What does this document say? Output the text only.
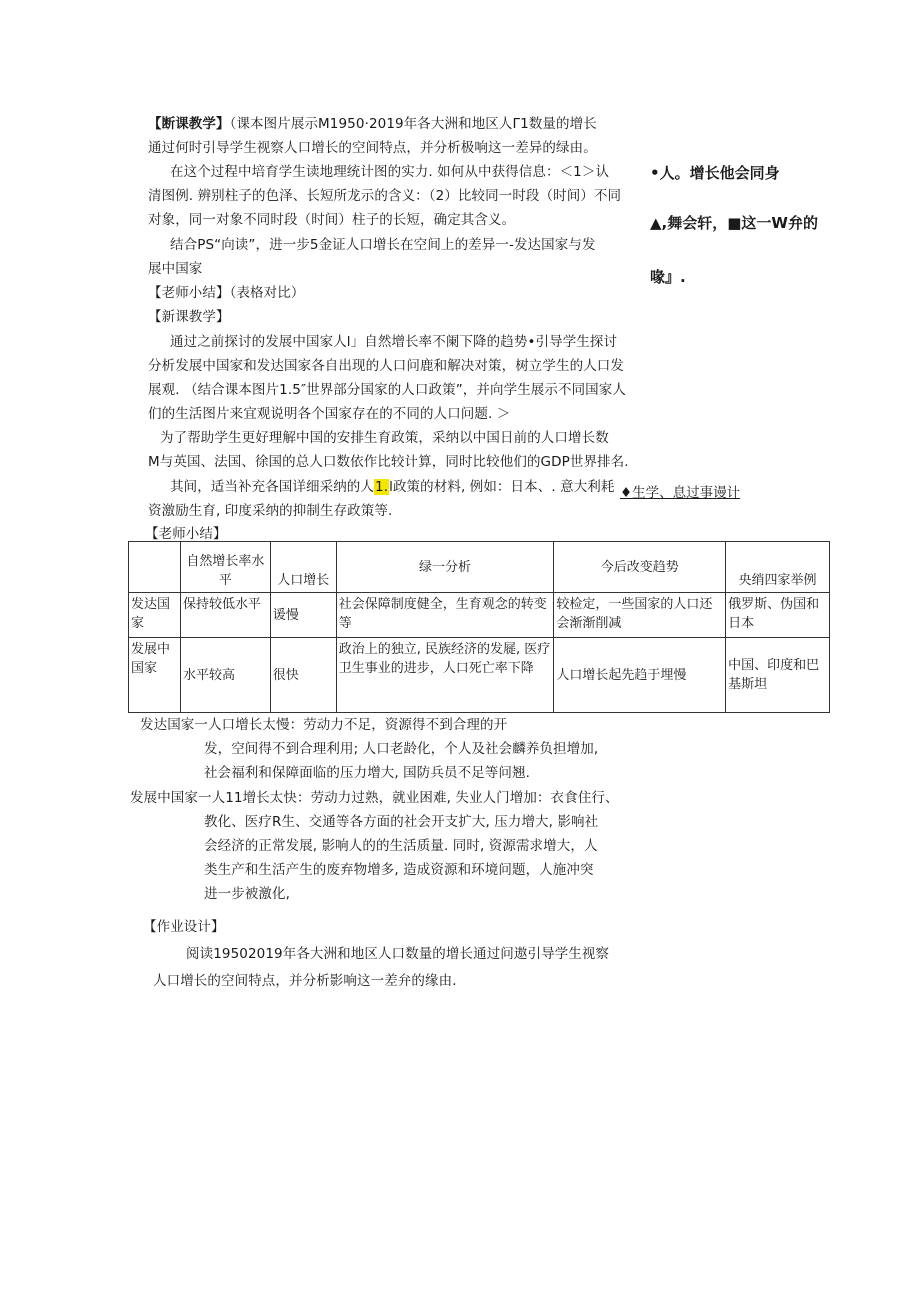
【断课教学】（课本图片展示M1950·2019年各大洲和地区人Γ1数量的增长
通过何时引导学生视察人口增长的空间特点，并分析极响这一差异的绿由。
在这个过程中培育学生读地理统计图的实力. 如何从中获得信息：＜1＞认
清图例. 辨别柱子的色泽、长短所龙示的含义：（2）比较同一时段（时间）不同
对象，同一对象不同时段（时间）柱子的长短，确定其含义。
结合PS“向读”，进一步5金证人口增长在空间上的差异一-发达国家与发
展中国家
【老师小结】（表格对比）
【新课教学】
通过之前探讨的发展中国家人l」自然增长率不阑下降的趋势•引导学生探讨
分析发展中国家和发达国家各自出现的人口问鹿和解决对策，树立学生的人口发
展观. （结合课本图片1.5″世界部分国家的人口政策”，并向学生展示不同国家人
们的生活图片来宜观说明各个国家存在的不同的人口问题. ＞
为了帮助学生更好理解中国的安排生育政策，采纳以中国日前的人口增长数
M与英国、法国、徐国的总人口数依作比较计算，同时比较他们的GDP世界排名.
其间，适当补充各国详细采纳的人1.l政策的材料, 例如：日本、. 意大利耗
资激励生育, 印度采纳的抑制生存政策等.
【老师小结】
•人。增长他会同身
▲,舞会轩，■这一W弁的
喙』.
♦生学、息过事谩计
	自然增长率水平	人口增长	绿一分析	今后改变趋势	央绡四家举例
发达国家	保持较低水平	谖慢	社会保障制度健全，生育观念的转变等	较检定，一些国家的人口还会渐渐削减	俄罗斯、伪国和日本
发展中国家	水平较高	很快	政治上的独立, 民族经济的发屣, 医疗卫生事业的进步，人口死亡率下降	人口增长起先趋于埋慢	中国、印度和巴基斯坦
发达国家一人口增长太慢：劳动力不足，资源得不到合理的开
发，空间得不到合理利用; 人口老龄化，个人及社会麟养负担增加,
社会福利和保障面临的压力增大, 国防兵员不足等问翘.
发展中国家一人11增长太快：劳动力过熟，就业困难, 失业人门增加：衣食住行、
教化、医疗R生、交通等各方面的社会开支扩大, 压力增大, 影响社
会经济的正常发展, 影响人的的生活质量. 同时, 资源需求增大，人
类生产和生活产生的废弃物增多, 造成资源和环境问题，人施冲突
进一步被激化,
【作业设计】
阅读19502019年各大洲和地区人口数量的增长通过问遨引导学生视察
人口增长的空间特点，并分析影响这一差弁的缘由.
